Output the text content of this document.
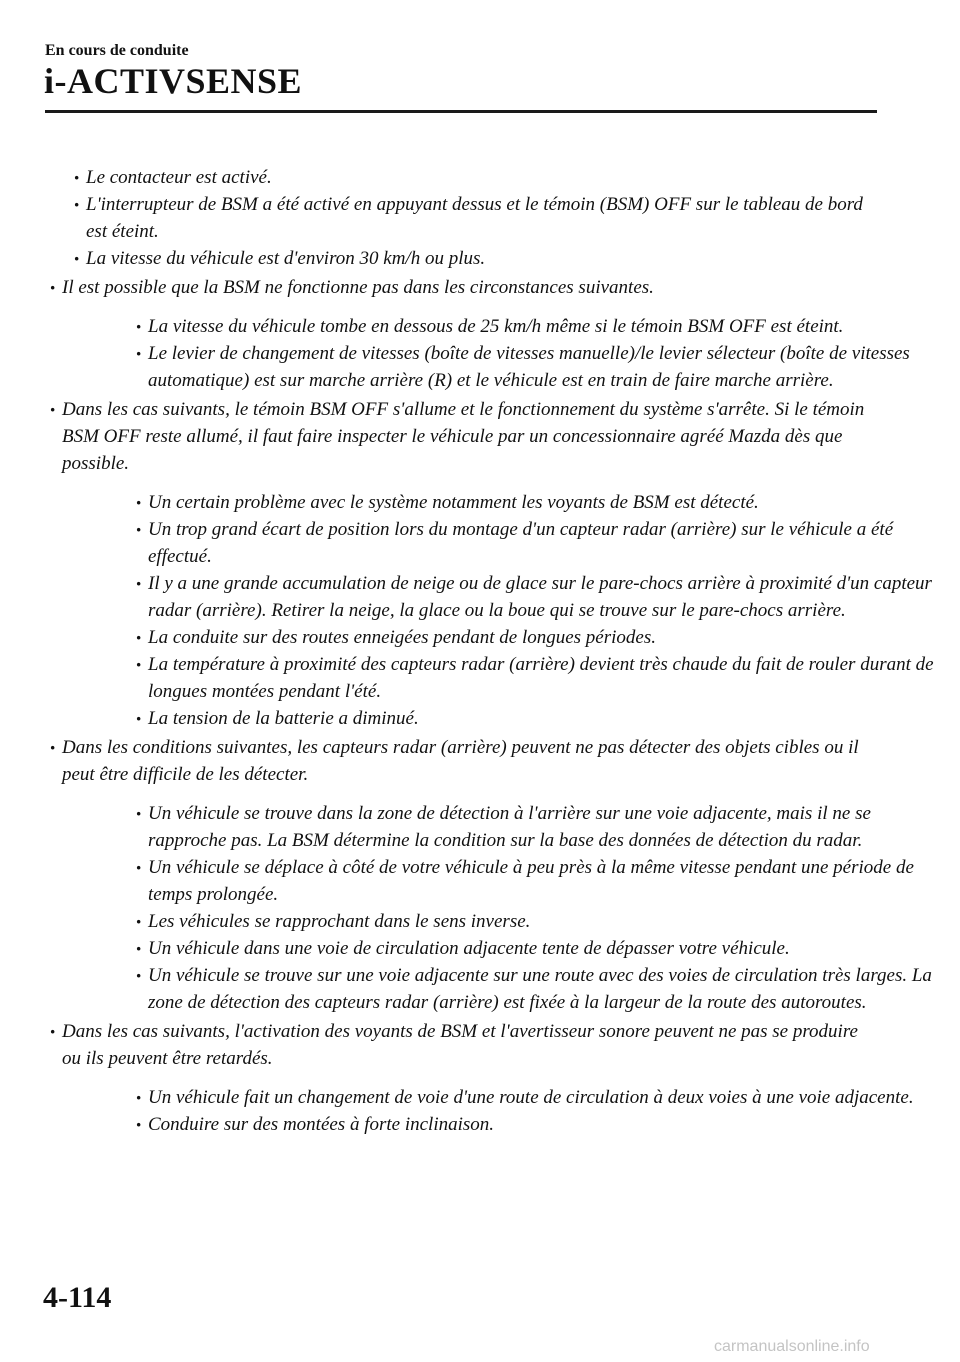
En cours de conduite
i-ACTIVSENSE
· Le contacteur est activé.
· L'interrupteur de BSM a été activé en appuyant dessus et le témoin (BSM) OFF sur le tableau de bord est éteint.
· La vitesse du véhicule est d'environ 30 km/h ou plus.
· Il est possible que la BSM ne fonctionne pas dans les circonstances suivantes.
· La vitesse du véhicule tombe en dessous de 25 km/h même si le témoin BSM OFF est éteint.
· Le levier de changement de vitesses (boîte de vitesses manuelle)/le levier sélecteur (boîte de vitesses automatique) est sur marche arrière (R) et le véhicule est en train de faire marche arrière.
· Dans les cas suivants, le témoin BSM OFF s'allume et le fonctionnement du système s'arrête. Si le témoin BSM OFF reste allumé, il faut faire inspecter le véhicule par un concessionnaire agréé Mazda dès que possible.
· Un certain problème avec le système notamment les voyants de BSM est détecté.
· Un trop grand écart de position lors du montage d'un capteur radar (arrière) sur le véhicule a été effectué.
· Il y a une grande accumulation de neige ou de glace sur le pare-chocs arrière à proximité d'un capteur radar (arrière). Retirer la neige, la glace ou la boue qui se trouve sur le pare-chocs arrière.
· La conduite sur des routes enneigées pendant de longues périodes.
· La température à proximité des capteurs radar (arrière) devient très chaude du fait de rouler durant de longues montées pendant l'été.
· La tension de la batterie a diminué.
· Dans les conditions suivantes, les capteurs radar (arrière) peuvent ne pas détecter des objets cibles ou il peut être difficile de les détecter.
· Un véhicule se trouve dans la zone de détection à l'arrière sur une voie adjacente, mais il ne se rapproche pas. La BSM détermine la condition sur la base des données de détection du radar.
· Un véhicule se déplace à côté de votre véhicule à peu près à la même vitesse pendant une période de temps prolongée.
· Les véhicules se rapprochant dans le sens inverse.
· Un véhicule dans une voie de circulation adjacente tente de dépasser votre véhicule.
· Un véhicule se trouve sur une voie adjacente sur une route avec des voies de circulation très larges. La zone de détection des capteurs radar (arrière) est fixée à la largeur de la route des autoroutes.
· Dans les cas suivants, l'activation des voyants de BSM et l'avertisseur sonore peuvent ne pas se produire ou ils peuvent être retardés.
· Un véhicule fait un changement de voie d'une route de circulation à deux voies à une voie adjacente.
· Conduire sur des montées à forte inclinaison.
4-114
carmanualsonline.info
